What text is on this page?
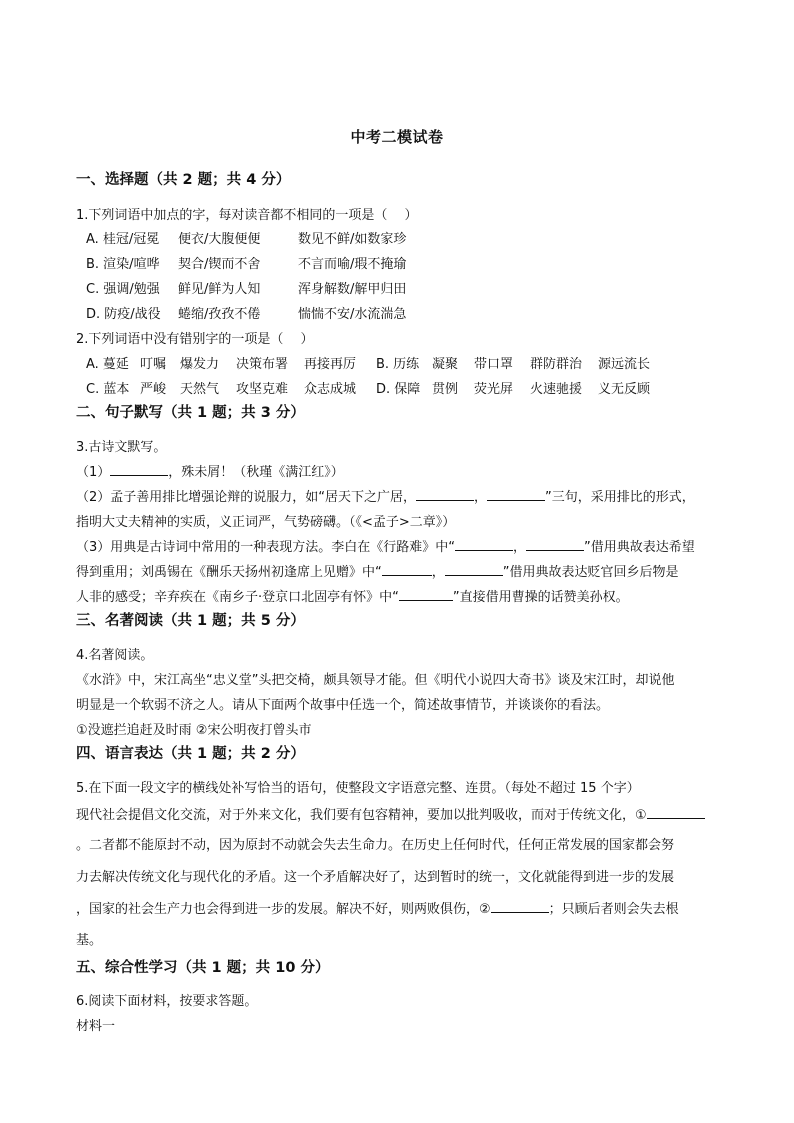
中考二模试卷
一、选择题（共 2 题；共 4 分）
1.下列词语中加点的字，每对读音都不相同的一项是（　 ）
A. 桂冠/冠冕 便衣/大腹便便	数见不鲜/如数家珍
B. 渲染/喧哗 契合/锲而不舍	不言而喻/瑕不掩瑜
C. 强调/勉强 鲜见/鲜为人知	浑身解数/解甲归田
D. 防疫/战役 蜷缩/孜孜不倦	惴惴不安/水流湍急
2.下列词语中没有错别字的一项是（　 ）
A. 蔓延 叮嘱 爆发力 决策布署 再接再厉 B. 历练 凝聚 带口罩 群防群治 源远流长
C. 蓝本 严峻 天然气 攻坚克难 众志成城 D. 保障 贯例 荧光屏 火速驰援 义无反顾
二、句子默写（共 1 题；共 3 分）
3.古诗文默写。
（1）	，殊未屑！（秋瑾《满江红》）
（2）孟子善用排比增强论辩的说服力，如“居天下之广居，	，	”三句，采用排比的形式，
指明大丈夫精神的实质，义正词严，气势磅礴。（《<孟子>二章》）
（3）用典是古诗词中常用的一种表现方法。李白在《行路难》中“	，	”借用典故表达希望
得到重用；刘禹锡在《酬乐天扬州初逢席上见赠》中“	，	”借用典故表达贬官回乡后物是
人非的感受；辛弃疾在《南乡子·登京口北固亭有怀》中“	”直接借用曹操的话赞美孙权。
三、名著阅读（共 1 题；共 5 分）
4.名著阅读。
《水浒》中，宋江高坐“忠义堂”头把交椅，颇具领导才能。但《明代小说四大奇书》谈及宋江时，却说他
明显是一个软弱不济之人。请从下面两个故事中任选一个，简述故事情节，并谈谈你的看法。
①没遮拦追赶及时雨 ②宋公明夜打曾头市
四、语言表达（共 1 题；共 2 分）
5.在下面一段文字的横线处补写恰当的语句，使整段文字语意完整、连贯。（每处不超过 15 个字）
现代社会提倡文化交流，对于外来文化，我们要有包容精神，要加以批判吸收，而对于传统文化，①
。二者都不能原封不动，因为原封不动就会失去生命力。在历史上任何时代，任何正常发展的国家都会努
力去解决传统文化与现代化的矛盾。这一个矛盾解决好了，达到暂时的统一，文化就能得到进一步的发展
，国家的社会生产力也会得到进一步的发展。解决不好，则两败俱伤，②	；只顾后者则会失去根
基。
五、综合性学习（共 1 题；共 10 分）
6.阅读下面材料，按要求答题。
材料一
